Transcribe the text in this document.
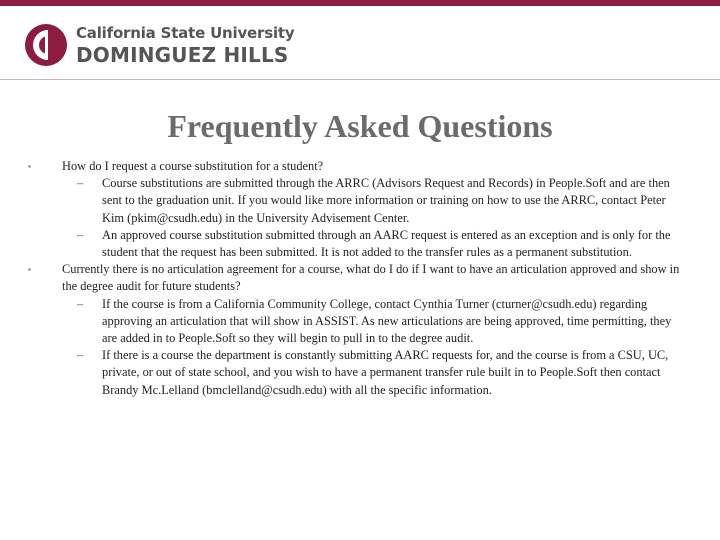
California State University
DOMINGUEZ HILLS
Frequently Asked Questions
▪	How do I request a course substitution for a student?
– Course substitutions are submitted through the ARRC (Advisors Request and Records) in People.Soft and are then sent to the graduation unit. If you would like more information or training on how to use the ARRC, contact Peter Kim (pkim@csudh.edu) in the University Advisement Center.
– An approved course substitution submitted through an AARC request is entered as an exception and is only for the student that the request has been submitted. It is not added to the transfer rules as a permanent substitution.
▪	Currently there is no articulation agreement for a course, what do I do if I want to have an articulation approved and show in the degree audit for future students?
– If the course is from a California Community College, contact Cynthia Turner (cturner@csudh.edu) regarding approving an articulation that will show in ASSIST. As new articulations are being approved, time permitting, they are added in to People.Soft so they will begin to pull in to the degree audit.
– If there is a course the department is constantly submitting AARC requests for, and the course is from a CSU, UC, private, or out of state school, and you wish to have a permanent transfer rule built in to People.Soft then contact Brandy Mc.Lelland (bmclelland@csudh.edu) with all the specific information.
